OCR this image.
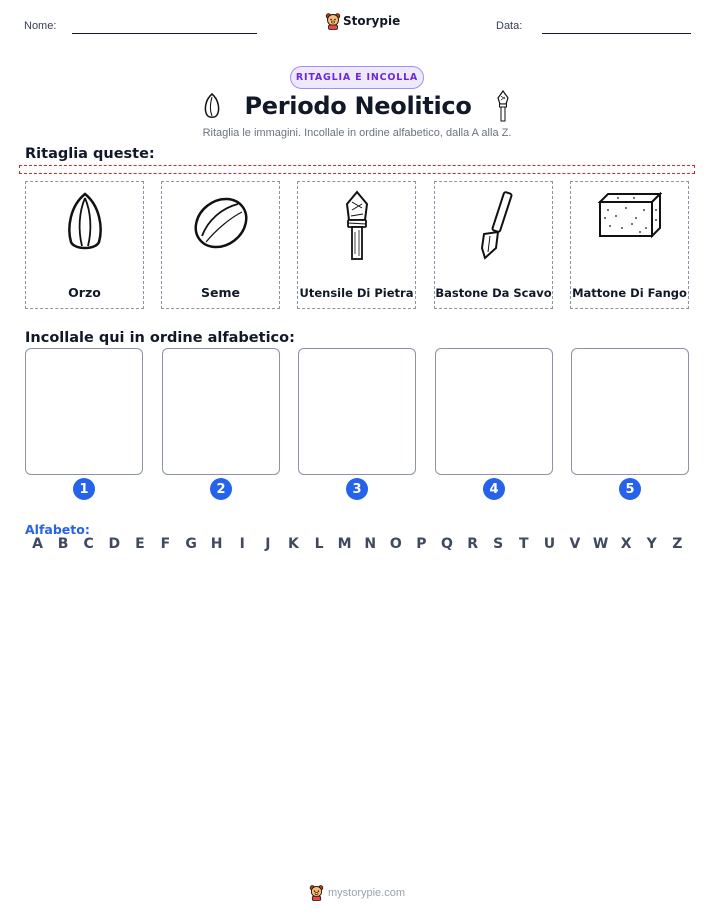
Nome:	Storypie	Data:
RITAGLIA E INCOLLA
Periodo Neolitico
Ritaglia le immagini. Incollale in ordine alfabetico, dalla A alla Z.
Ritaglia queste:
Orzo	Seme	Utensile Di Pietra Bastone Da Scavo Mattone Di Fango
Incollale qui in ordine alfabetico:
1	2	3	4	5
Alfabeto:
A	B	C	D	E	F	G H	I	J	K	L	M N O	P	Q	R	S	T	U	V W X	Y	Z
mystorypie.com
